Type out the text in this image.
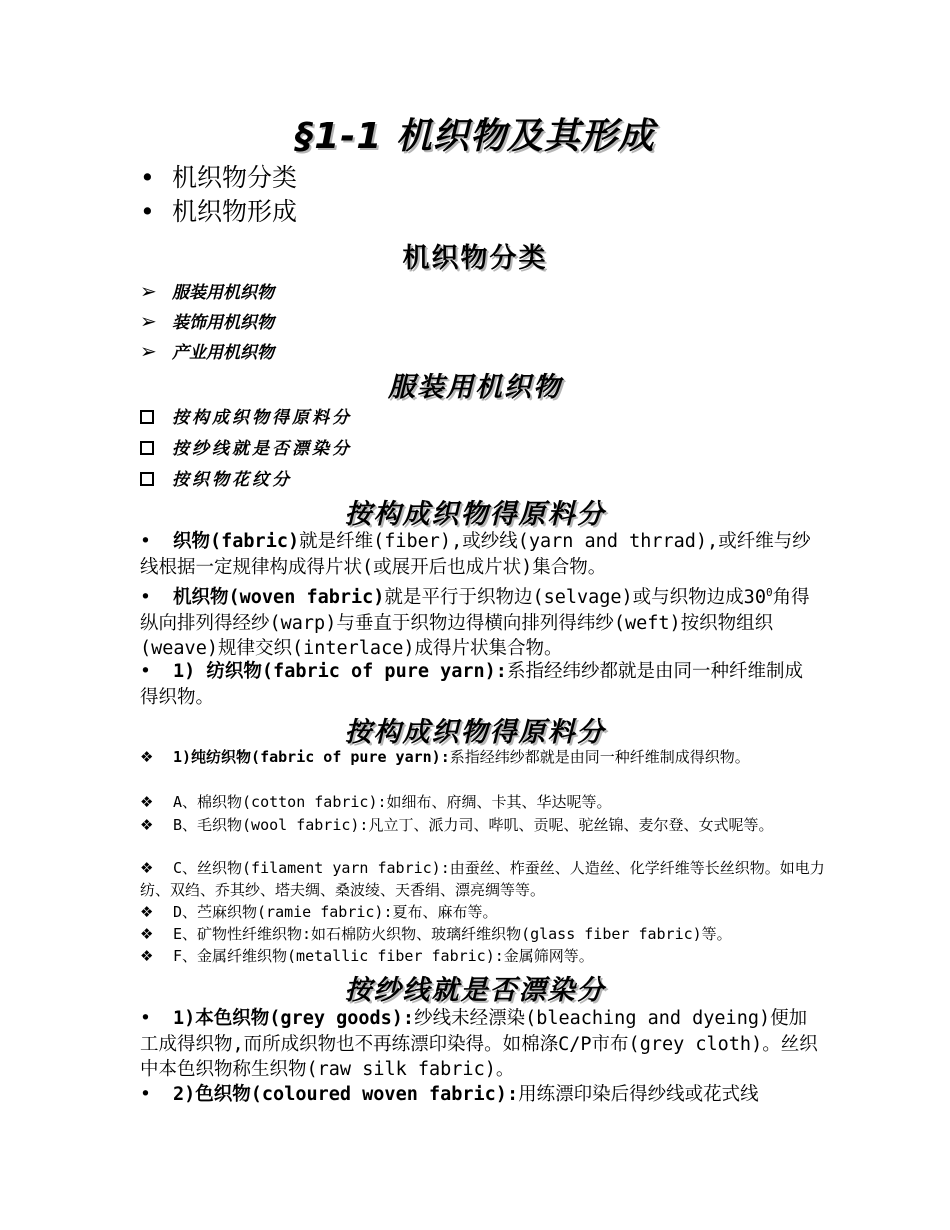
§1-1 机织物及其形成
• 机织物分类
• 机织物形成
机织物分类
➢ 服装用机织物
➢ 装饰用机织物
➢ 产业用机织物
服装用机织物
按构成织物得原料分
按纱线就是否漂染分
按织物花纹分
按构成织物得原料分
• 织物(fabric)就是纤维(fiber),或纱线(yarn and thrrad),或纤维与纱线根据一定规律构成得片状(或展开后也成片状)集合物。
• 机织物(woven fabric)就是平行于织物边(selvage)或与织物边成$30^0$角得纵向排列得经纱(warp)与垂直于织物边得横向排列得纬纱(weft)按织物组织(weave)规律交织(interlace)成得片状集合物。
• 1) 纺织物(fabric of pure yarn):系指经纬纱都就是由同一种纤维制成得织物。
按构成织物得原料分
❖ 1)纯纺织物(fabric of pure yarn):系指经纬纱都就是由同一种纤维制成得织物。
❖ A、棉织物(cotton fabric):如细布、府绸、卡其、华达呢等。
❖ B、毛织物(wool fabric):凡立丁、派力司、哔叽、贡呢、驼丝锦、麦尔登、女式呢等。
❖ C、丝织物(filament yarn fabric):由蚕丝、柞蚕丝、人造丝、化学纤维等长丝织物。如电力纺、双绉、乔其纱、塔夫绸、桑波绫、天香绢、漂亮绸等等。
❖ D、苎麻织物(ramie fabric):夏布、麻布等。
❖ E、矿物性纤维织物:如石棉防火织物、玻璃纤维织物(glass fiber fabric)等。
❖ F、金属纤维织物(metallic fiber fabric):金属筛网等。
按纱线就是否漂染分
• 1)本色织物(grey goods):纱线未经漂染(bleaching and dyeing)便加工成得织物,而所成织物也不再练漂印染得。如棉涤C/P市布(grey cloth)。丝织中本色织物称生织物(raw silk fabric)。
• 2)色织物(coloured woven fabric):用练漂印染后得纱线或花式线
